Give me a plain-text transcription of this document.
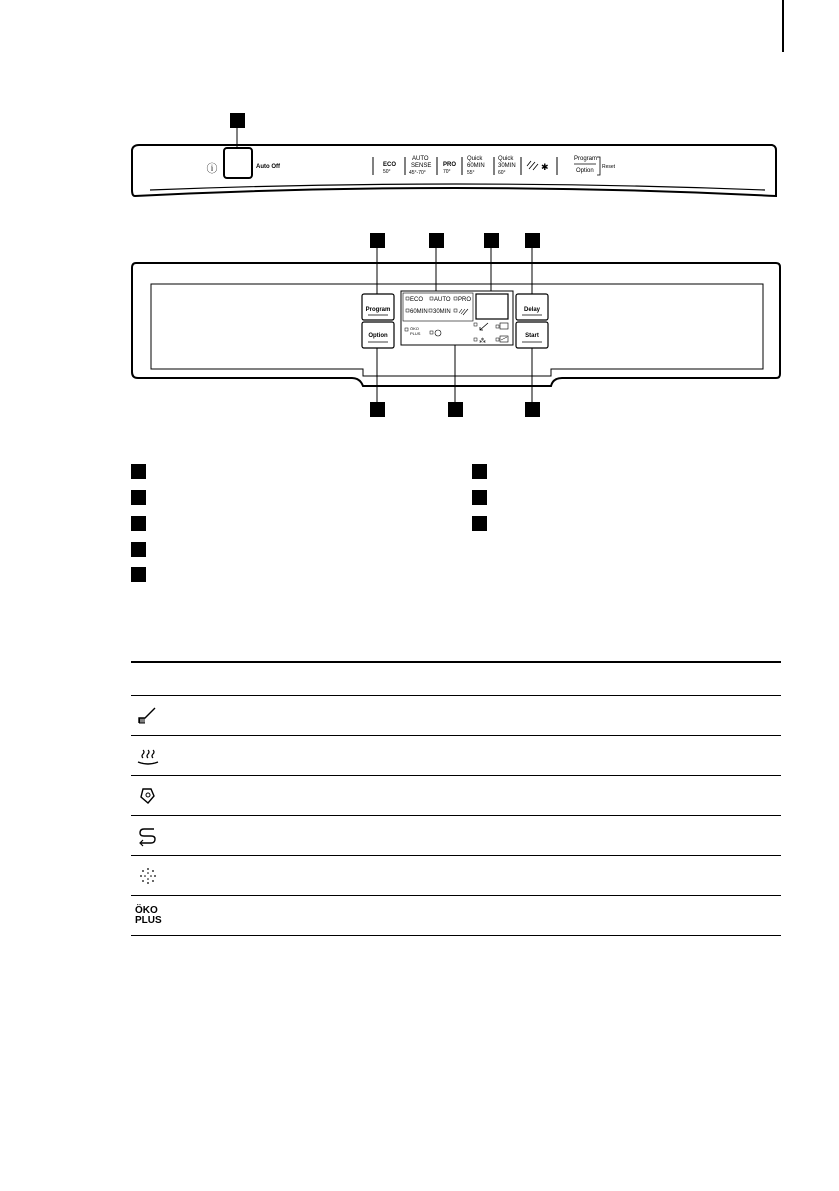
ⓘ	Auto Off	ECO
50°
AUTO
SENSE
45°-70°
PRO
70°
Quick
60MIN
55°
Quick
30MIN
60°
✱
Program
Option
Reset
Program
Option
ECO AUTO PRO
60MIN 30MIN
ÖKO
PLUS
⁂
Delay
Start

ÖKO
PLUS	
